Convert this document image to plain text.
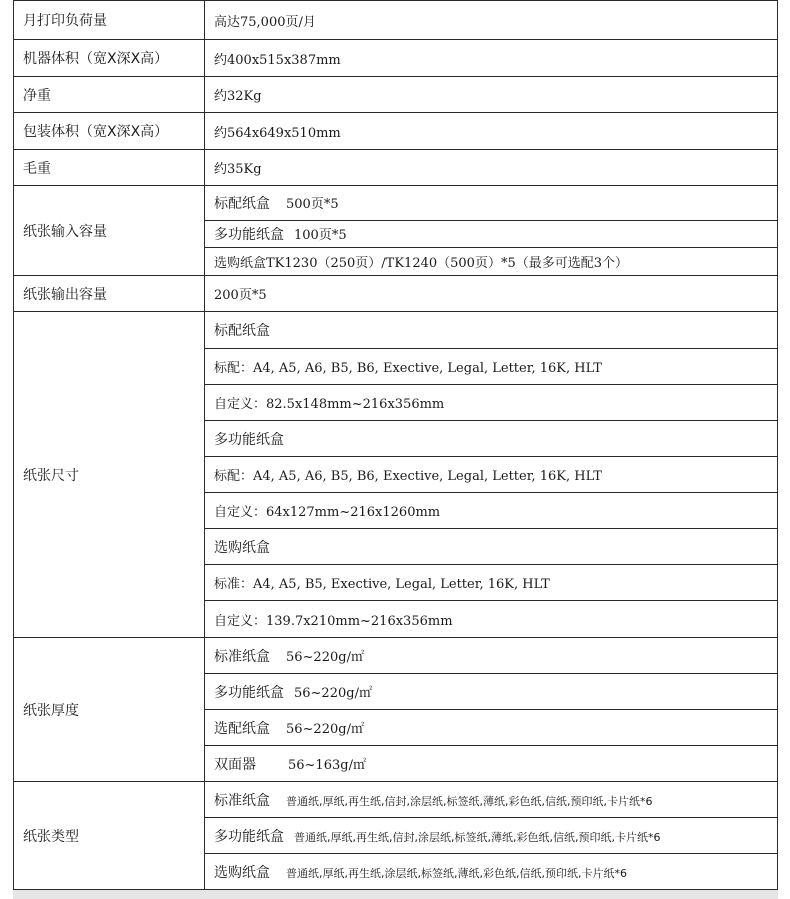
月打印负荷量	高达75,000页/月
机器体积（宽X深X高）	约400x515x387mm
净重	约32Kg
包装体积（宽X深X高）	约564x649x510mm
毛重	约35Kg
纸张输入容量	标配纸盒 500页*5
	多功能纸盒 100页*5
	选购纸盒TK1230（250页）/TK1240（500页）*5（最多可选配3个）
纸张输出容量	200页*5
纸张尺寸	标配纸盒
	标配：A4, A5, A6, B5, B6, Exective, Legal, Letter, 16K, HLT
	自定义：82.5x148mm~216x356mm
	多功能纸盒
	标配：A4, A5, A6, B5, B6, Exective, Legal, Letter, 16K, HLT
	自定义：64x127mm~216x1260mm
	选购纸盒
	标准：A4, A5, B5, Exective, Legal, Letter, 16K, HLT
	自定义：139.7x210mm~216x356mm
纸张厚度	标准纸盒 56~220g/㎡
	多功能纸盒 56~220g/㎡
	选配纸盒 56~220g/㎡
	双面器 56~163g/㎡
纸张类型	标准纸盒 普通纸,厚纸,再生纸,信封,涂层纸,标签纸,薄纸,彩色纸,信纸,预印纸,卡片纸*6
	多功能纸盒 普通纸,厚纸,再生纸,信封,涂层纸,标签纸,薄纸,彩色纸,信纸,预印纸,卡片纸*6
	选购纸盒 普通纸,厚纸,再生纸,涂层纸,标签纸,薄纸,彩色纸,信纸,预印纸,卡片纸*6
